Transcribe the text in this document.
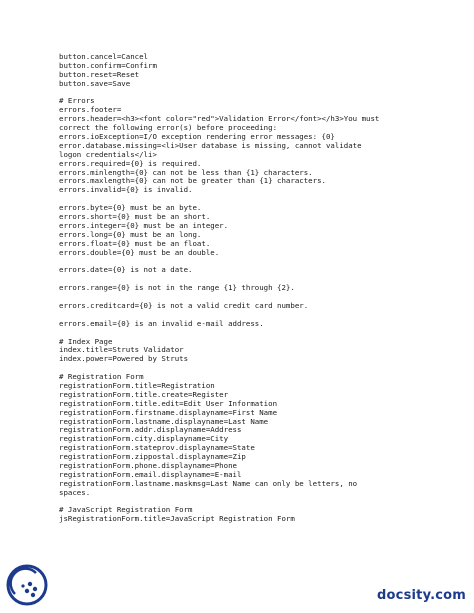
button.cancel=Cancel
button.confirm=Confirm
button.reset=Reset
button.save=Save
# Errors
errors.footer=
errors.header=<h3><font color="red">Validation Error</font></h3>You must
correct the following error(s) before proceeding:
errors.ioException=I/O exception rendering error messages: {0}
error.database.missing=<li>User database is missing, cannot validate
logon credentials</li>
errors.required={0} is required.
errors.minlength={0} can not be less than {1} characters.
errors.maxlength={0} can not be greater than {1} characters.
errors.invalid={0} is invalid.
errors.byte={0} must be an byte.
errors.short={0} must be an short.
errors.integer={0} must be an integer.
errors.long={0} must be an long.
errors.float={0} must be an float.
errors.double={0} must be an double.
errors.date={0} is not a date.
errors.range={0} is not in the range {1} through {2}.
errors.creditcard={0} is not a valid credit card number.
errors.email={0} is an invalid e-mail address.
# Index Page
index.title=Struts Validator
index.power=Powered by Struts
# Registration Form
registrationForm.title=Registration
registrationForm.title.create=Register
registrationForm.title.edit=Edit User Information
registrationForm.firstname.displayname=First Name
registrationForm.lastname.displayname=Last Name
registrationForm.addr.displayname=Address
registrationForm.city.displayname=City
registrationForm.stateprov.displayname=State
registrationForm.zippostal.displayname=Zip
registrationForm.phone.displayname=Phone
registrationForm.email.displayname=E-mail
registrationForm.lastname.maskmsg=Last Name can only be letters, no
spaces.
# JavaScript Registration Form
jsRegistrationForm.title=JavaScript Registration Form
docsity.com
